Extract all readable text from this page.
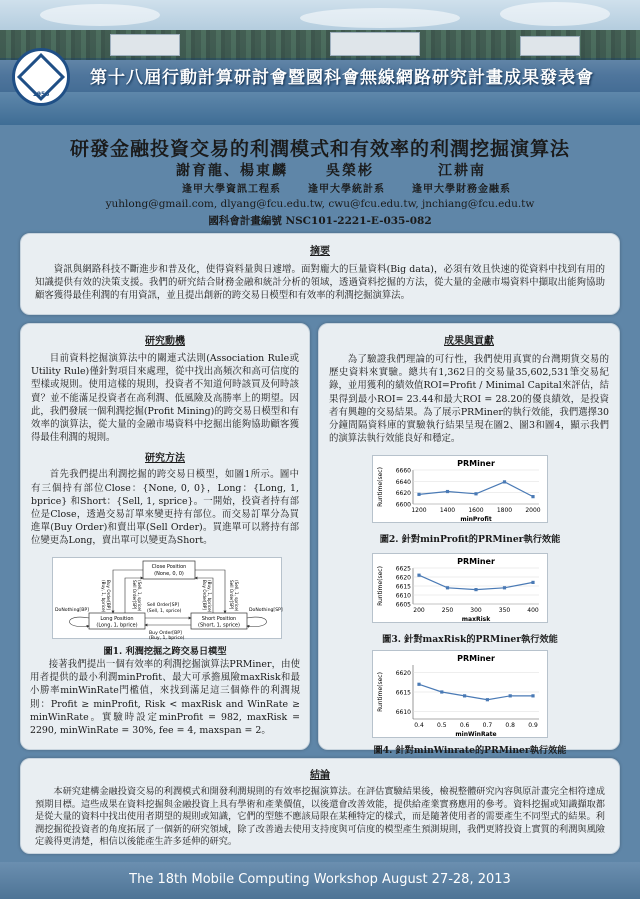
1956
第十八屆行動計算研討會暨國科會無線網路研究計畫成果發表會
研發金融投資交易的利潤模式和有效率的利潤挖掘演算法
謝育龍、楊東麟	吳榮彬	江耕南
逢甲大學資訊工程系	逢甲大學統計系	逢甲大學財務金融系
yuhlong@gmail.com, dlyang@fcu.edu.tw, cwu@fcu.edu.tw, jnchiang@fcu.edu.tw
國科會計畫編號 NSC101-2221-E-035-082
摘要
資訊與網路科技不斷進步和普及化，使得資料量與日遽增。面對龐大的巨量資料(Big data)，必須有效且快速的從資料中找到有用的知識提供有效的決策支援。我們的研究結合財務金融和統計分析的領域，透過資料挖掘的方法，從大量的金融市場資料中擷取出能夠協助顧客獲得最佳利潤的有用資訊，並且提出創新的跨交易日模型和有效率的利潤挖掘演算法。
研究動機
目前資料挖掘演算法中的關連式法則(Association Rule或Utility Rule)僅針對項目來處理，從中找出高頻次和高可信度的型樣或規則。使用這樣的規則，投資者不知道何時該買及何時該賣？並不能滿足投資者在高利潤、低風險及高勝率上的期望。因此，我們發展一個利潤挖掘(Profit Mining)的跨交易日模型和有效率的演算法，從大量的金融市場資料中挖掘出能夠協助顧客獲得最佳利潤的規則。
研究方法
首先我們提出利潤挖掘的跨交易日模型，如圖1所示。圖中有三個持有部位Close：{None, 0, 0}，Long：{Long, 1, bprice} 和Short：{Sell, 1, sprice}。一開始，投資者持有部位是Close，透過交易訂單來變更持有部位。而交易訂單分為買進單(Buy Order)和賣出單(Sell Order)。買進單可以將持有部位變更為Long，賣出單可以變更為Short。
Close Position
(None, 0, 0)
Long Position
(Long, 1, bprice)
Short Position
(Short, 1, sprice)
DoNothing[BP]	DoNothing[SP]
Sell Order[SP]
(Sell, 1, sprice)
Buy Order[BP]
(Buy, 1, bprice)
Buy Order[BP]
(Buy, 1, bprice)	Sell Order[SP] (Sell, 1, sprice)	Buy Order[BP] (Buy, 1, bprice)	Sell Order[SP] (Sell, 1, sprice)
圖1. 利潤挖掘之跨交易日模型
接著我們提出一個有效率的利潤挖掘演算法PRMiner，由使用者提供的最小利潤minProfit、最大可承擔風險maxRisk和最小勝率minWinRate門檻值，來找到滿足這三個條件的利潤規則：Profit ≥ minProfit, Risk < maxRisk and WinRate ≥ minWinRate。實驗時設定minProfit = 982, maxRisk = 2290, minWinRate = 30%, fee = 4, maxspan = 2。
成果與貢獻
為了驗證我們理論的可行性，我們使用真實的台灣期貨交易的歷史資料來實驗。總共有1,362日的交易量35,602,531筆交易紀錄，並用獲利的績效值ROI=Profit / Minimal Capital來評估，結果得到最小ROI= 23.44和最大ROI = 28.20的優良績效，是投資者有興趣的交易結果。為了展示PRMiner的執行效能，我們選擇30分鐘間隔資料庫的實驗執行結果呈現在圖2、圖3和圖4，顯示我們的演算法執行效能良好和穩定。
PRMiner
6600
6620
6640
6660
1200 1400 1600 1800 2000
minProfit
Runtime(sec)
圖2. 針對minProfit的PRMiner執行效能
PRMiner
6605
6610
6615
6620
6625
200	250	300	350	400
maxRisk
Runtime(sec)
圖3. 針對maxRisk的PRMiner執行效能
PRMiner
6610
6615
6620
0.4 0.5 0.6 0.7 0.8 0.9
minWinRate
Runtime(sec)
圖4. 針對minWinrate的PRMiner執行效能
結論
本研究建構金融投資交易的利潤模式和開發利潤規則的有效率挖掘演算法。在評估實驗結果後，檢視整體研究內容與原計畫完全相符達成預期目標。這些成果在資料挖掘與金融投資上具有學術和產業價值，以後還會改善效能，提供給產業實務應用的參考。資料挖掘或知識擷取都是從大量的資料中找出使用者期望的規則或知識，它們的型態不應該局限在某種特定的樣式，而是隨著使用者的需要產生不同型式的結果。利潤挖掘從投資者的角度拓展了一個新的研究領域，除了改善過去使用支持度與可信度的模型產生預測規則，我們更將投資上實質的利潤與風險定義得更清楚，相信以後能產生許多延伸的研究。
The 18th Mobile Computing Workshop August 27-28, 2013
